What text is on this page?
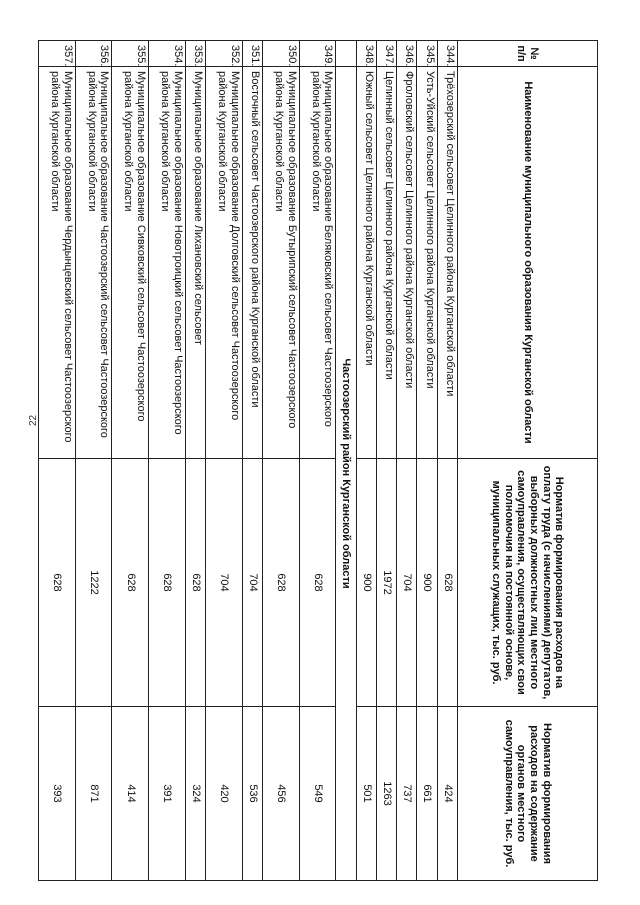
22
№ п/п	Наименование муниципального образования Курганской области	Норматив формирования расходов на оплату труда (с начислениями) депутатов, выборных должностных лиц местного самоуправления, осуществляющих свои полномочия на постоянной основе, муниципальных служащих, тыс. руб.	Норматив формирования расходов на содержание органов местного самоуправления, тыс. руб.
344.	Трёхозерский сельсовет Целинного района Курганской области	628	424
345.	Усть-Уйский сельсовет Целинного района Курганской области	900	661
346.	Фроловский сельсовет Целинного района Курганской области	704	737
347.	Целинный сельсовет Целинного района Курганской области	1972	1263
348.	Южный сельсовет Целинного района Курганской области	900	501
	Частоозерский район Курганской области		
349.	Муниципальное образование Беляковский сельсовет Частоозерского района Курганской области	628	549
350.	Муниципальное образование Бутырипский сельсовет Частоозерского района Курганской области	628	456
351.	Восточный сельсовет Частоозерского района Курганской области	704	536
352.	Муниципальное образование Долговский сельсовет Частоозерского района Курганской области	704	420
353.	Муниципальное образование Лихановский сельсовет	628	324
354.	Муниципальное образование Новотроицкий сельсовет Частоозерского района Курганской области	628	391
355.	Муниципальное образование Сивковский сельсовет Частоозерского района Курганской области	628	414
356.	Муниципальное образование Частоозерский сельсовет Частоозерского района Курганской области	1222	871
357.	Муниципальное образование Чердынцевский сельсовет Частоозерского района Курганской области	628	393
